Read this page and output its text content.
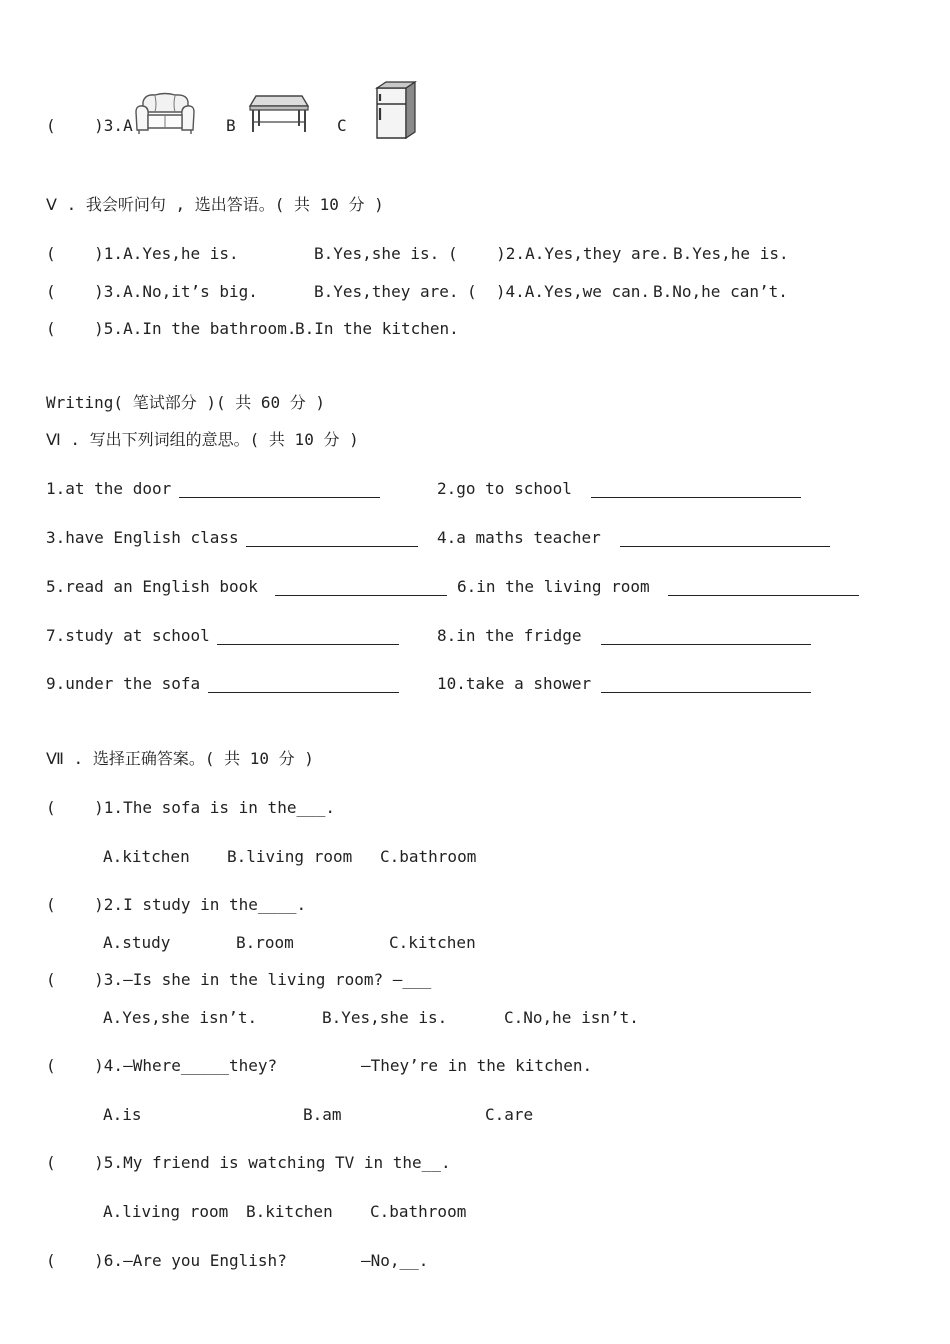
(    )3.A	B	C
Ⅴ . 我会听问句 , 选出答语。( 共 10 分 )
(    )1.A.Yes,he is.	B.Yes,she is. (    )2.A.Yes,they are. B.Yes,he is.
(    )3.A.No,it’s big.	B.Yes,they are. (  )4.A.Yes,we can. B.No,he can’t.
(    )5.A.In the bathroom.
B.In the kitchen.
Writing( 笔试部分 )( 共 60 分 )
Ⅵ . 写出下列词组的意思。( 共 10 分 )
1.at the door	2.go to school
3.have English class	4.a maths teacher
5.read an English book	6.in the living room
7.study at school	8.in the fridge
9.under the sofa	10.take a shower
Ⅶ . 选择正确答案。( 共 10 分 )
(    )1.The sofa is in the___.
A.kitchen B.living room C.bathroom
(    )2.I study in the____.
A.study	B.room	C.kitchen
(    )3.—Is she in the living room? —___
A.Yes,she isn’t.	B.Yes,she is.	C.No,he isn’t.
(    )4.—Where_____they?	—They’re in the kitchen.
A.is	B.am	C.are
(    )5.My friend is watching TV in the__.
A.living room B.kitchen C.bathroom
(    )6.—Are you English?	—No,__.
